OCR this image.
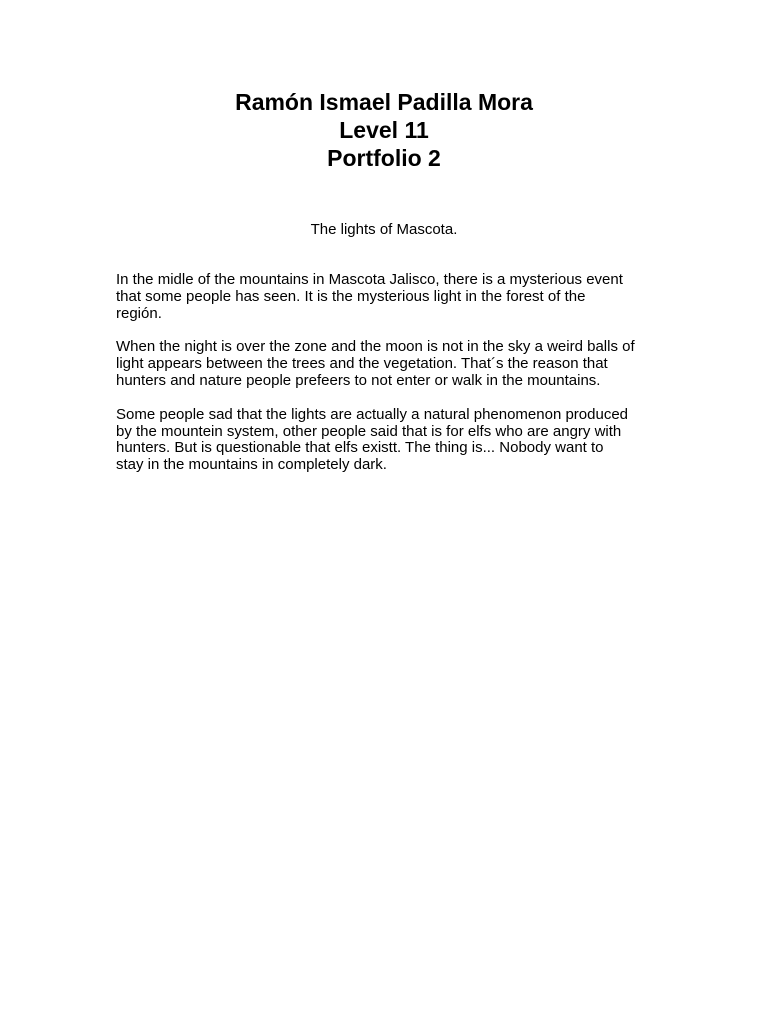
Ramón Ismael Padilla Mora
Level 11
Portfolio 2
The lights of Mascota.

In the midle of the mountains in Mascota Jalisco, there is a mysterious event
that some people has seen. It is the mysterious light in the forest of the
región.

When the night is over the zone and the moon is not in the sky a weird balls of
light appears between the trees and the vegetation. That´s the reason that
hunters and nature people prefeers to not enter or walk in the mountains.

Some people sad that the lights are actually a natural phenomenon produced
by the mountein system, other people said that is for elfs who are angry with
hunters. But is questionable that elfs existt. The thing is... Nobody want to
stay in the mountains in completely dark.
